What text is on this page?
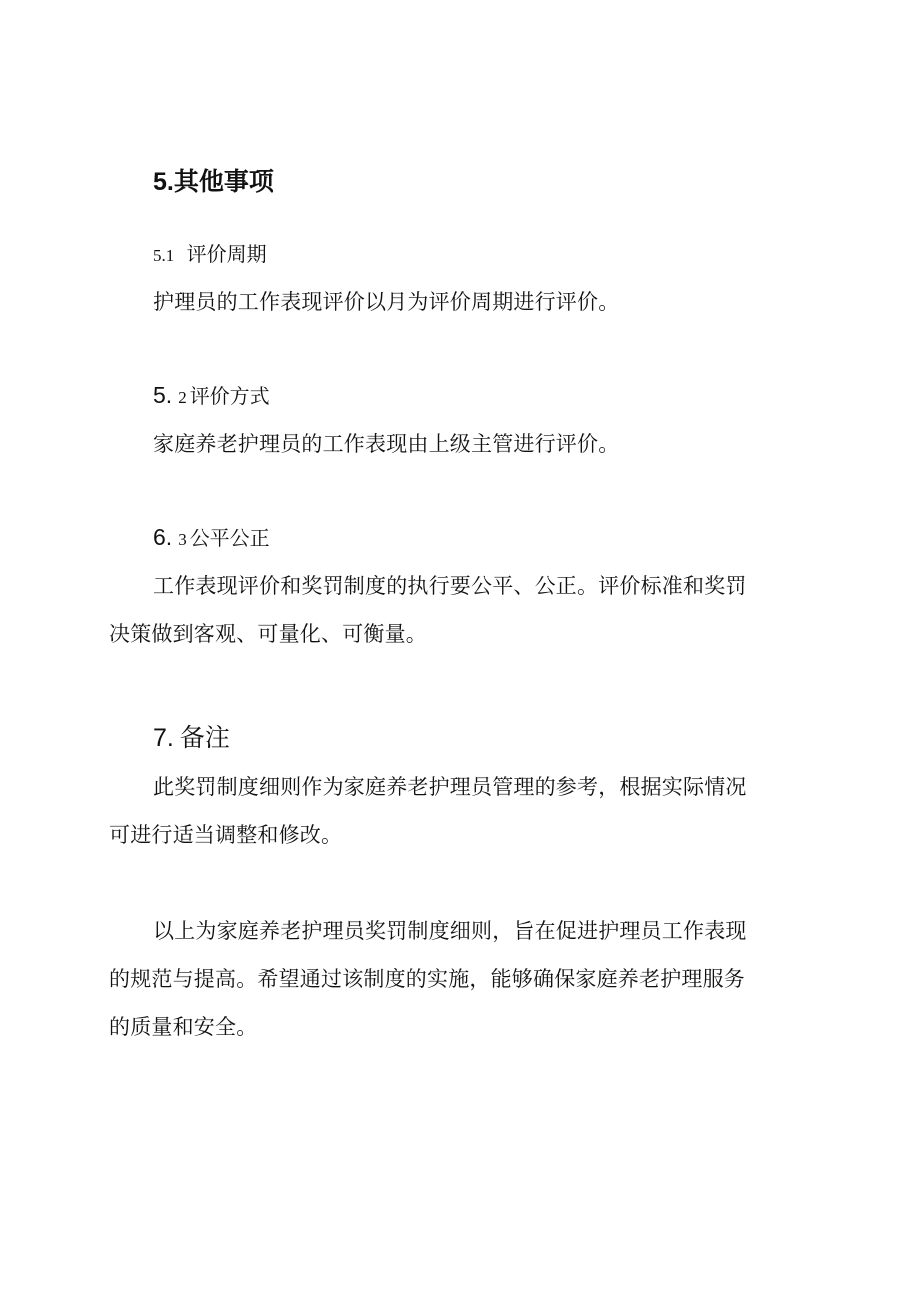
5.其他事项
5.1 评价周期
护理员的工作表现评价以月为评价周期进行评价。
5. 2 评价方式
家庭养老护理员的工作表现由上级主管进行评价。
6. 3 公平公正
工作表现评价和奖罚制度的执行要公平、公正。评价标准和奖罚
决策做到客观、可量化、可衡量。
7. 备注
此奖罚制度细则作为家庭养老护理员管理的参考，根据实际情况
可进行适当调整和修改。
以上为家庭养老护理员奖罚制度细则，旨在促进护理员工作表现
的规范与提高。希望通过该制度的实施，能够确保家庭养老护理服务
的质量和安全。
